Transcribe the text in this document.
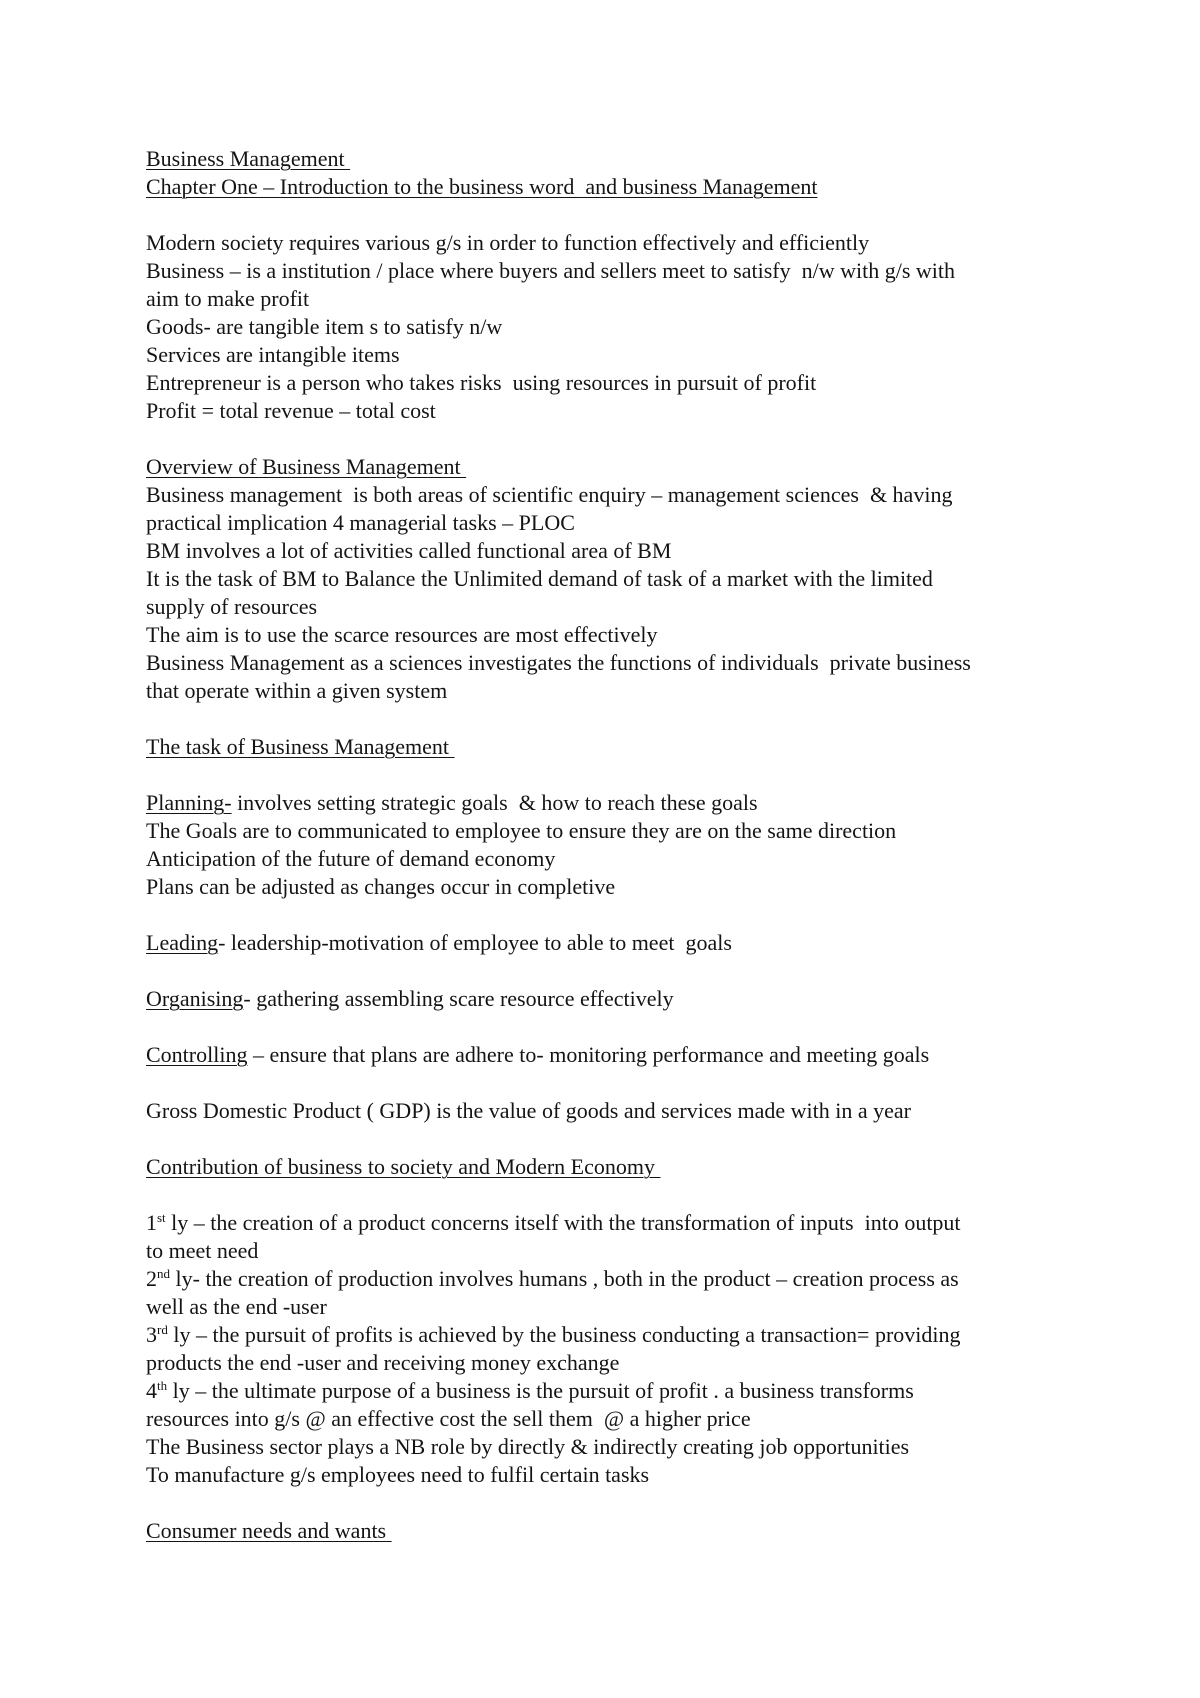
Business Management
Chapter One – Introduction to the business word  and business Management
Modern society requires various g/s in order to function effectively and efficiently
Business – is a institution / place where buyers and sellers meet to satisfy  n/w with g/s with
aim to make profit
Goods- are tangible item s to satisfy n/w
Services are intangible items
Entrepreneur is a person who takes risks  using resources in pursuit of profit
Profit = total revenue – total cost
Overview of Business Management
Business management  is both areas of scientific enquiry – management sciences  & having
practical implication 4 managerial tasks – PLOC
BM involves a lot of activities called functional area of BM
It is the task of BM to Balance the Unlimited demand of task of a market with the limited
supply of resources
The aim is to use the scarce resources are most effectively
Business Management as a sciences investigates the functions of individuals  private business
that operate within a given system
The task of Business Management
Planning- involves setting strategic goals  & how to reach these goals
The Goals are to communicated to employee to ensure they are on the same direction
Anticipation of the future of demand economy
Plans can be adjusted as changes occur in completive
Leading- leadership-motivation of employee to able to meet  goals
Organising- gathering assembling scare resource effectively
Controlling – ensure that plans are adhere to- monitoring performance and meeting goals
Gross Domestic Product ( GDP) is the value of goods and services made with in a year
Contribution of business to society and Modern Economy
1st ly – the creation of a product concerns itself with the transformation of inputs  into output
to meet need
2nd ly- the creation of production involves humans , both in the product – creation process as
well as the end -user
3rd ly – the pursuit of profits is achieved by the business conducting a transaction= providing
products the end -user and receiving money exchange
4th ly – the ultimate purpose of a business is the pursuit of profit . a business transforms
resources into g/s @ an effective cost the sell them  @ a higher price
The Business sector plays a NB role by directly & indirectly creating job opportunities
To manufacture g/s employees need to fulfil certain tasks
Consumer needs and wants
